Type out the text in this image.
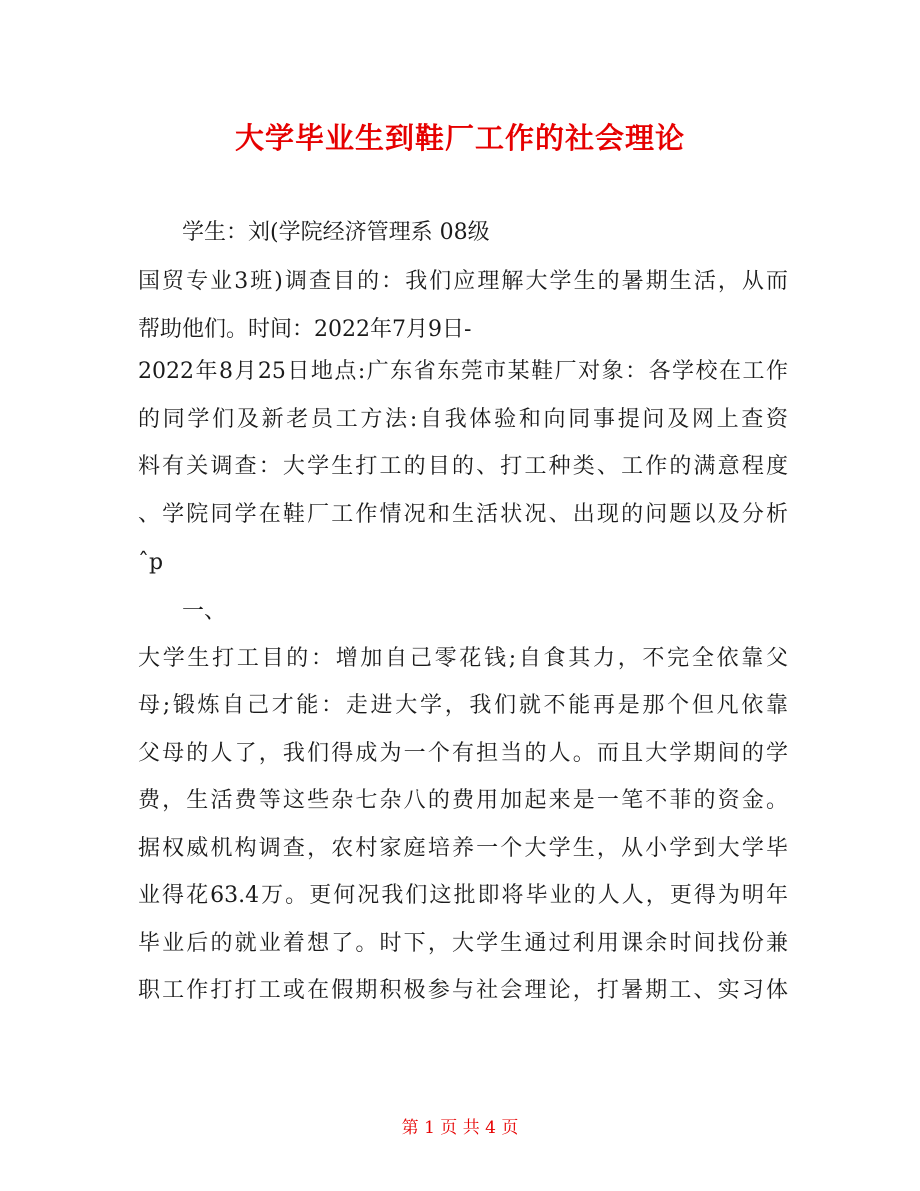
大学毕业生到鞋厂工作的社会理论
学生：刘(学院经济管理系 08级
国贸专业3班)调查目的：我们应理解大学生的暑期生活，从而
帮助他们。时间：2022年7月9日-
2022年8月25日地点:广东省东莞市某鞋厂对象：各学校在工作
的同学们及新老员工方法:自我体验和向同事提问及网上查资
料有关调查：大学生打工的目的、打工种类、工作的满意程度
、学院同学在鞋厂工作情况和生活状况、出现的问题以及分析
ˆp
一、
大学生打工目的：增加自己零花钱;自食其力，不完全依靠父
母;锻炼自己才能：走进大学，我们就不能再是那个但凡依靠
父母的人了，我们得成为一个有担当的人。而且大学期间的学
费，生活费等这些杂七杂八的费用加起来是一笔不菲的资金。
据权威机构调查，农村家庭培养一个大学生，从小学到大学毕
业得花63.4万。更何况我们这批即将毕业的人人，更得为明年
毕业后的就业着想了。时下，大学生通过利用课余时间找份兼
职工作打打工或在假期积极参与社会理论，打暑期工、实习体
第 1 页 共 4 页
